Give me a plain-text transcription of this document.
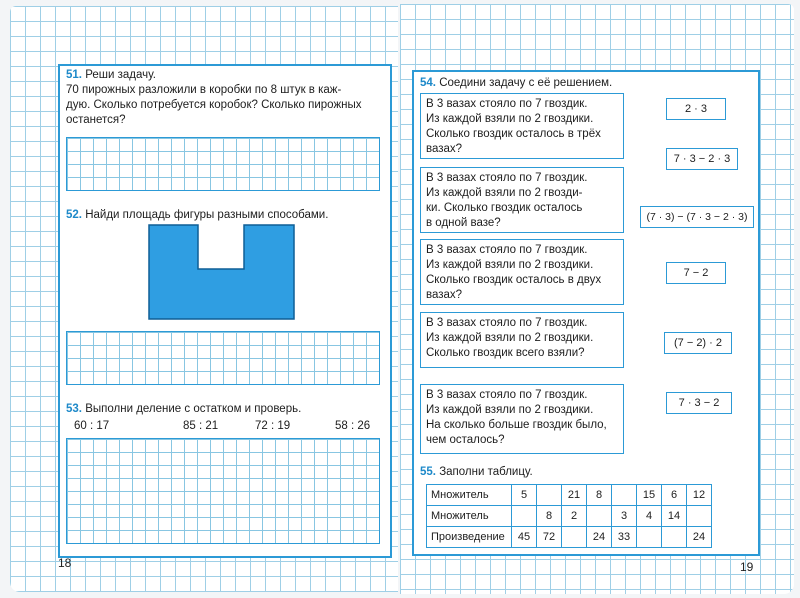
51. Реши задачу.
70 пирожных разложили в коробки по 8 штук в каж-
дую. Сколько потребуется коробок? Сколько пирожных
останется?
52. Найди площадь фигуры разными способами.
53. Выполни деление с остатком и проверь.
60 : 17	85 : 21	72 : 19	58 : 26
18
54. Соедини задачу с её решением.
В 3 вазах стояло по 7 гвоздик.
Из каждой взяли по 2 гвоздики.
Сколько гвоздик осталось в трёх
вазах?
В 3 вазах стояло по 7 гвоздик.
Из каждой взяли по 2 гвозди-
ки. Сколько гвоздик осталось
в одной вазе?
В 3 вазах стояло по 7 гвоздик.
Из каждой взяли по 2 гвоздики.
Сколько гвоздик осталось в двух
вазах?
В 3 вазах стояло по 7 гвоздик.
Из каждой взяли по 2 гвоздики.
Сколько гвоздик всего взяли?
В 3 вазах стояло по 7 гвоздик.
Из каждой взяли по 2 гвоздики.
На сколько больше гвоздик было,
чем осталось?
2 · 3
7 · 3 − 2 · 3
(7 · 3) − (7 · 3 − 2 · 3)
7 − 2
(7 − 2) · 2
7 · 3 − 2
55. Заполни таблицу.
Множитель	5		21	8		15	6	12
Множитель		8	2		3	4	14	
Произведение	45	72		24	33			24
19
